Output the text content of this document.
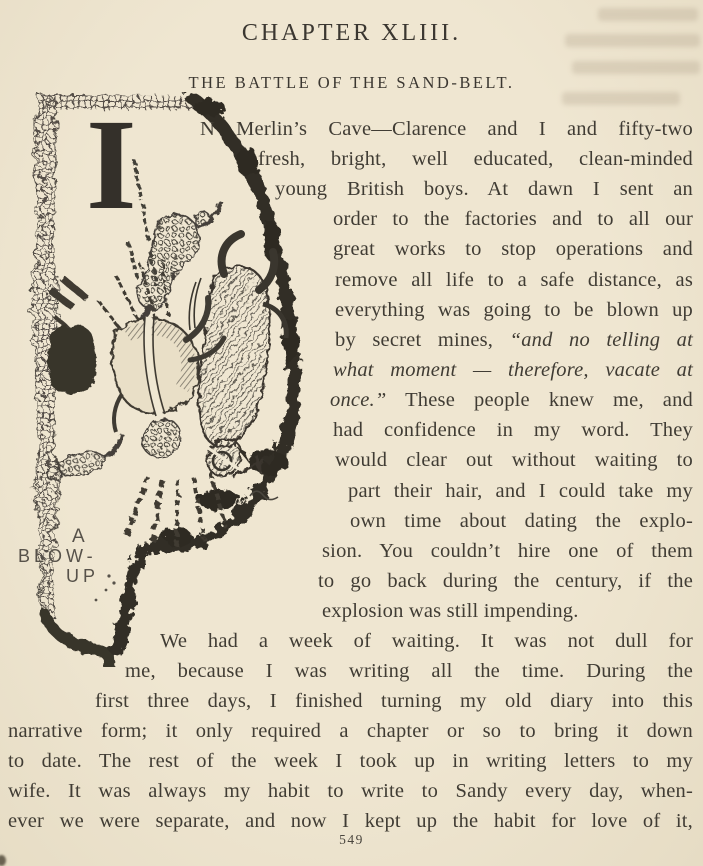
CHAPTER XLIII.
THE BATTLE OF THE SAND-BELT.
I
A
BLOW-
UP
N Merlin’s Cave—Clarence and I and fifty-two
fresh, bright, well educated, clean-minded
young British boys. At dawn I sent an
order to the factories and to all our
great works to stop operations and
remove all life to a safe distance, as
everything was going to be blown up
by secret mines, “and no telling at
what moment — therefore, vacate at
once.” These people knew me, and
had confidence in my word. They
would clear out without waiting to
part their hair, and I could take my
own time about dating the explo-
sion. You couldn’t hire one of them
to go back during the century, if the
explosion was still impending.
We had a week of waiting. It was not dull for
me, because I was writing all the time. During the
first three days, I finished turning my old diary into this
narrative form; it only required a chapter or so to bring it down
to date. The rest of the week I took up in writing letters to my
wife. It was always my habit to write to Sandy every day, when-
ever we were separate, and now I kept up the habit for love of it,
549
